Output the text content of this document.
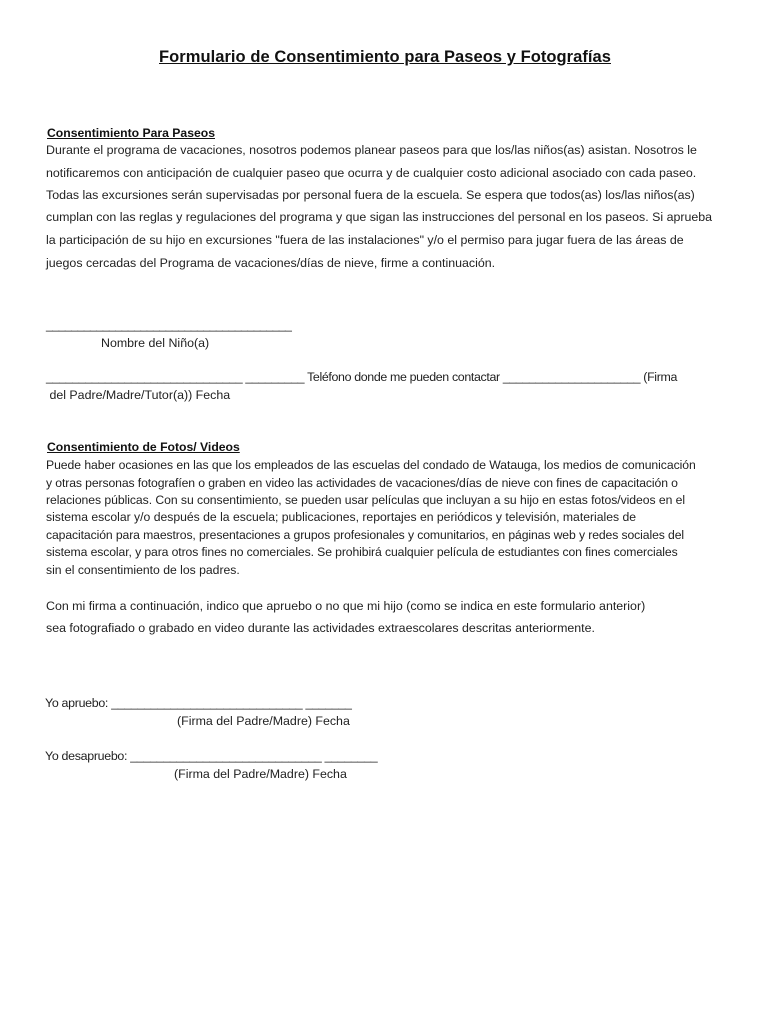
Formulario de Consentimiento para Paseos y Fotografías
Consentimiento Para Paseos
Durante el programa de vacaciones, nosotros podemos planear paseos para que los/las niños(as) asistan. Nosotros le
notificaremos con anticipación de cualquier paseo que ocurra y de cualquier costo adicional asociado con cada paseo.
Todas las excursiones serán supervisadas por personal fuera de la escuela. Se espera que todos(as) los/las niños(as)
cumplan con las reglas y regulaciones del programa y que sigan las instrucciones del personal en los paseos. Si aprueba
la participación de su hijo en excursiones "fuera de las instalaciones" y/o el permiso para jugar fuera de las áreas de
juegos cercadas del Programa de vacaciones/días de nieve, firme a continuación.
_______________________________________
Nombre del Niño(a)
______________________________ _________ Teléfono donde me pueden contactar _____________________ (Firma
del Padre/Madre/Tutor(a)) Fecha
Consentimiento de Fotos/ Videos
Puede haber ocasiones en las que los empleados de las escuelas del condado de Watauga, los medios de comunicación
y otras personas fotografíen o graben en video las actividades de vacaciones/días de nieve con fines de capacitación o
relaciones públicas. Con su consentimiento, se pueden usar películas que incluyan a su hijo en estas fotos/videos en el
sistema escolar y/o después de la escuela; publicaciones, reportajes en periódicos y televisión, materiales de
capacitación para maestros, presentaciones a grupos profesionales y comunitarios, en páginas web y redes sociales del
sistema escolar, y para otros fines no comerciales. Se prohibirá cualquier película de estudiantes con fines comerciales
sin el consentimiento de los padres.
Con mi firma a continuación, indico que apruebo o no que mi hijo (como se indica en este formulario anterior)
sea fotografiado o grabado en video durante las actividades extraescolares descritas anteriormente.
Yo apruebo: _____________________________ _______
(Firma del Padre/Madre) Fecha
Yo desapruebo: _____________________________ ________
(Firma del Padre/Madre) Fecha
